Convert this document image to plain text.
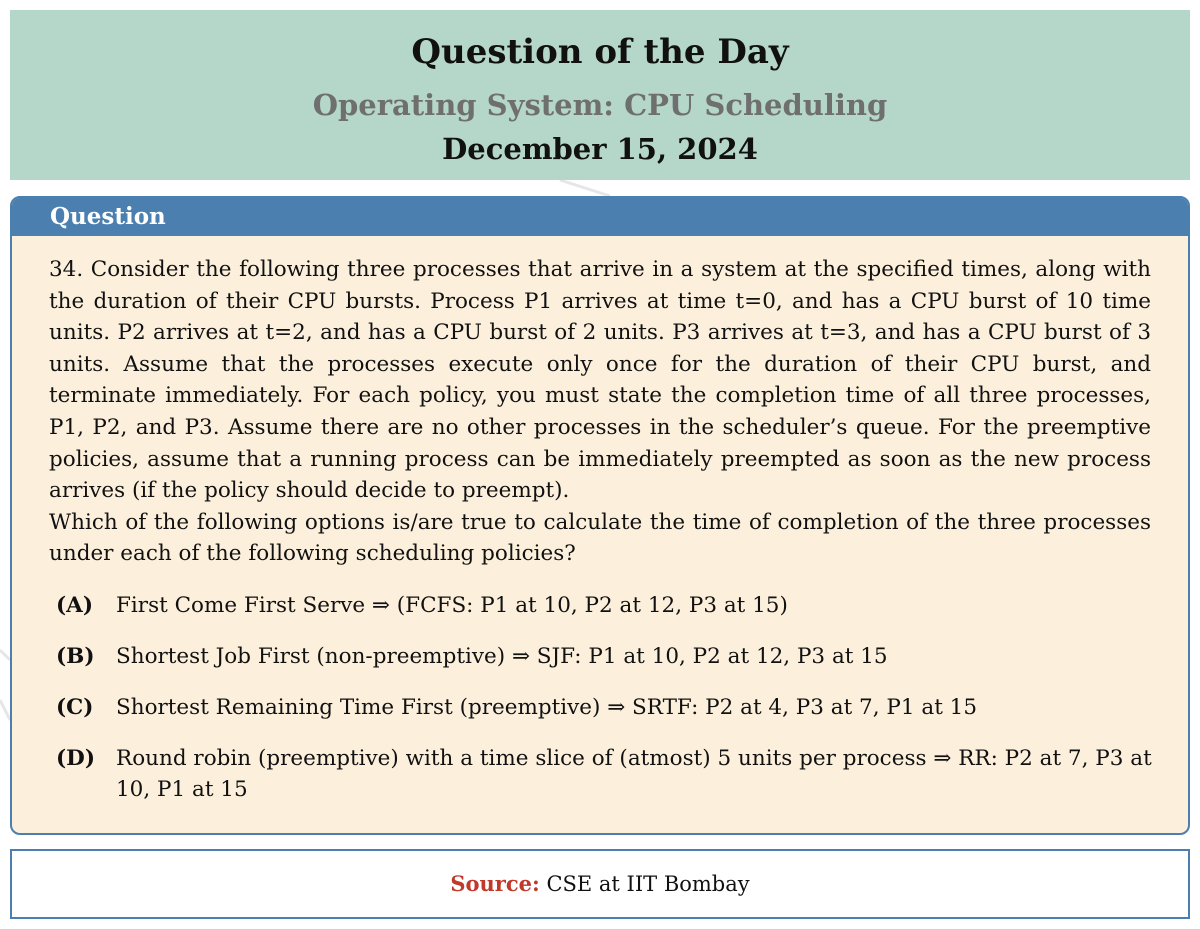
Question of the Day
Operating System: CPU Scheduling
December 15, 2024
Question

34. Consider the following three processes that arrive in a system at the specified times, along with the duration of their CPU bursts. Process P1 arrives at time t=0, and has a CPU burst of 10 time units. P2 arrives at t=2, and has a CPU burst of 2 units. P3 arrives at t=3, and has a CPU burst of 3 units. Assume that the processes execute only once for the duration of their CPU burst, and terminate immediately. For each policy, you must state the completion time of all three processes, P1, P2, and P3. Assume there are no other processes in the scheduler’s queue. For the preemptive policies, assume that a running process can be immediately preempted as soon as the new process arrives (if the policy should decide to preempt).

Which of the following options is/are true to calculate the time of completion of the three processes under each of the following scheduling policies?

(A) First Come First Serve ⇒ (FCFS: P1 at 10, P2 at 12, P3 at 15)
(B) Shortest Job First (non-preemptive) ⇒ SJF: P1 at 10, P2 at 12, P3 at 15
(C) Shortest Remaining Time First (preemptive) ⇒ SRTF: P2 at 4, P3 at 7, P1 at 15
(D) Round robin (preemptive) with a time slice of (atmost) 5 units per process ⇒ RR: P2 at 7, P3 at 10, P1 at 15
Source: CSE at IIT Bombay
